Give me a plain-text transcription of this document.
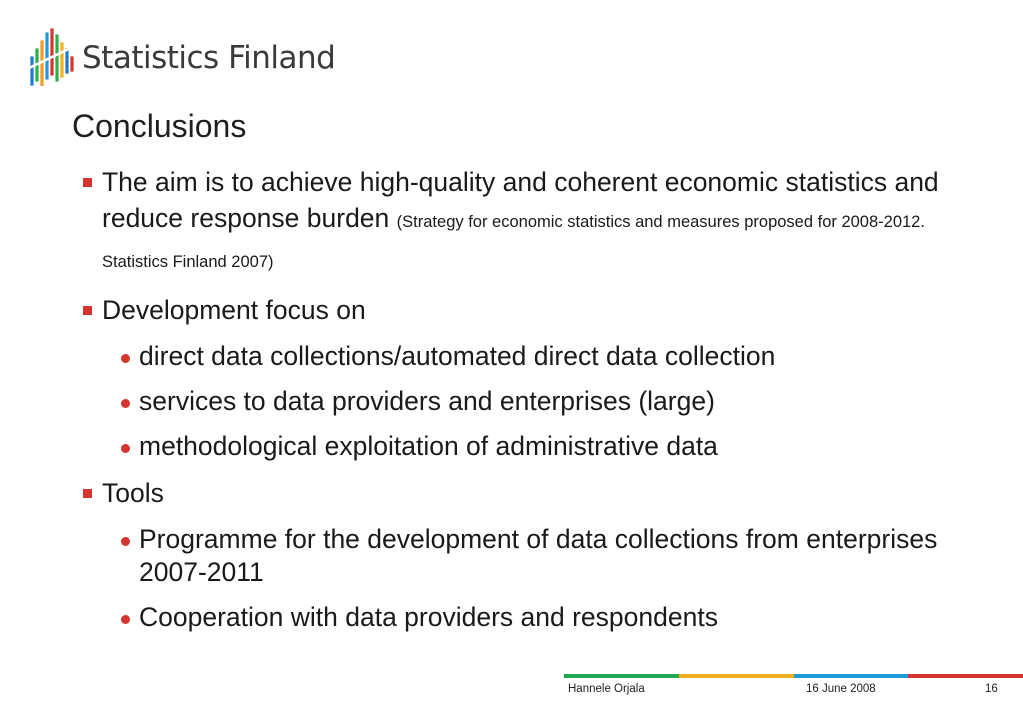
Statistics Finland
Conclusions
The aim is to achieve high-quality and coherent economic statistics and reduce response burden (Strategy for economic statistics and measures proposed for 2008-2012. Statistics Finland 2007)
Development focus on
direct data collections/automated direct data collection
services to data providers and enterprises (large)
methodological exploitation of administrative data
Tools
Programme for the development of data collections from enterprises 2007-2011
Cooperation with data providers and respondents
Hannele Orjala	16 June 2008	16
